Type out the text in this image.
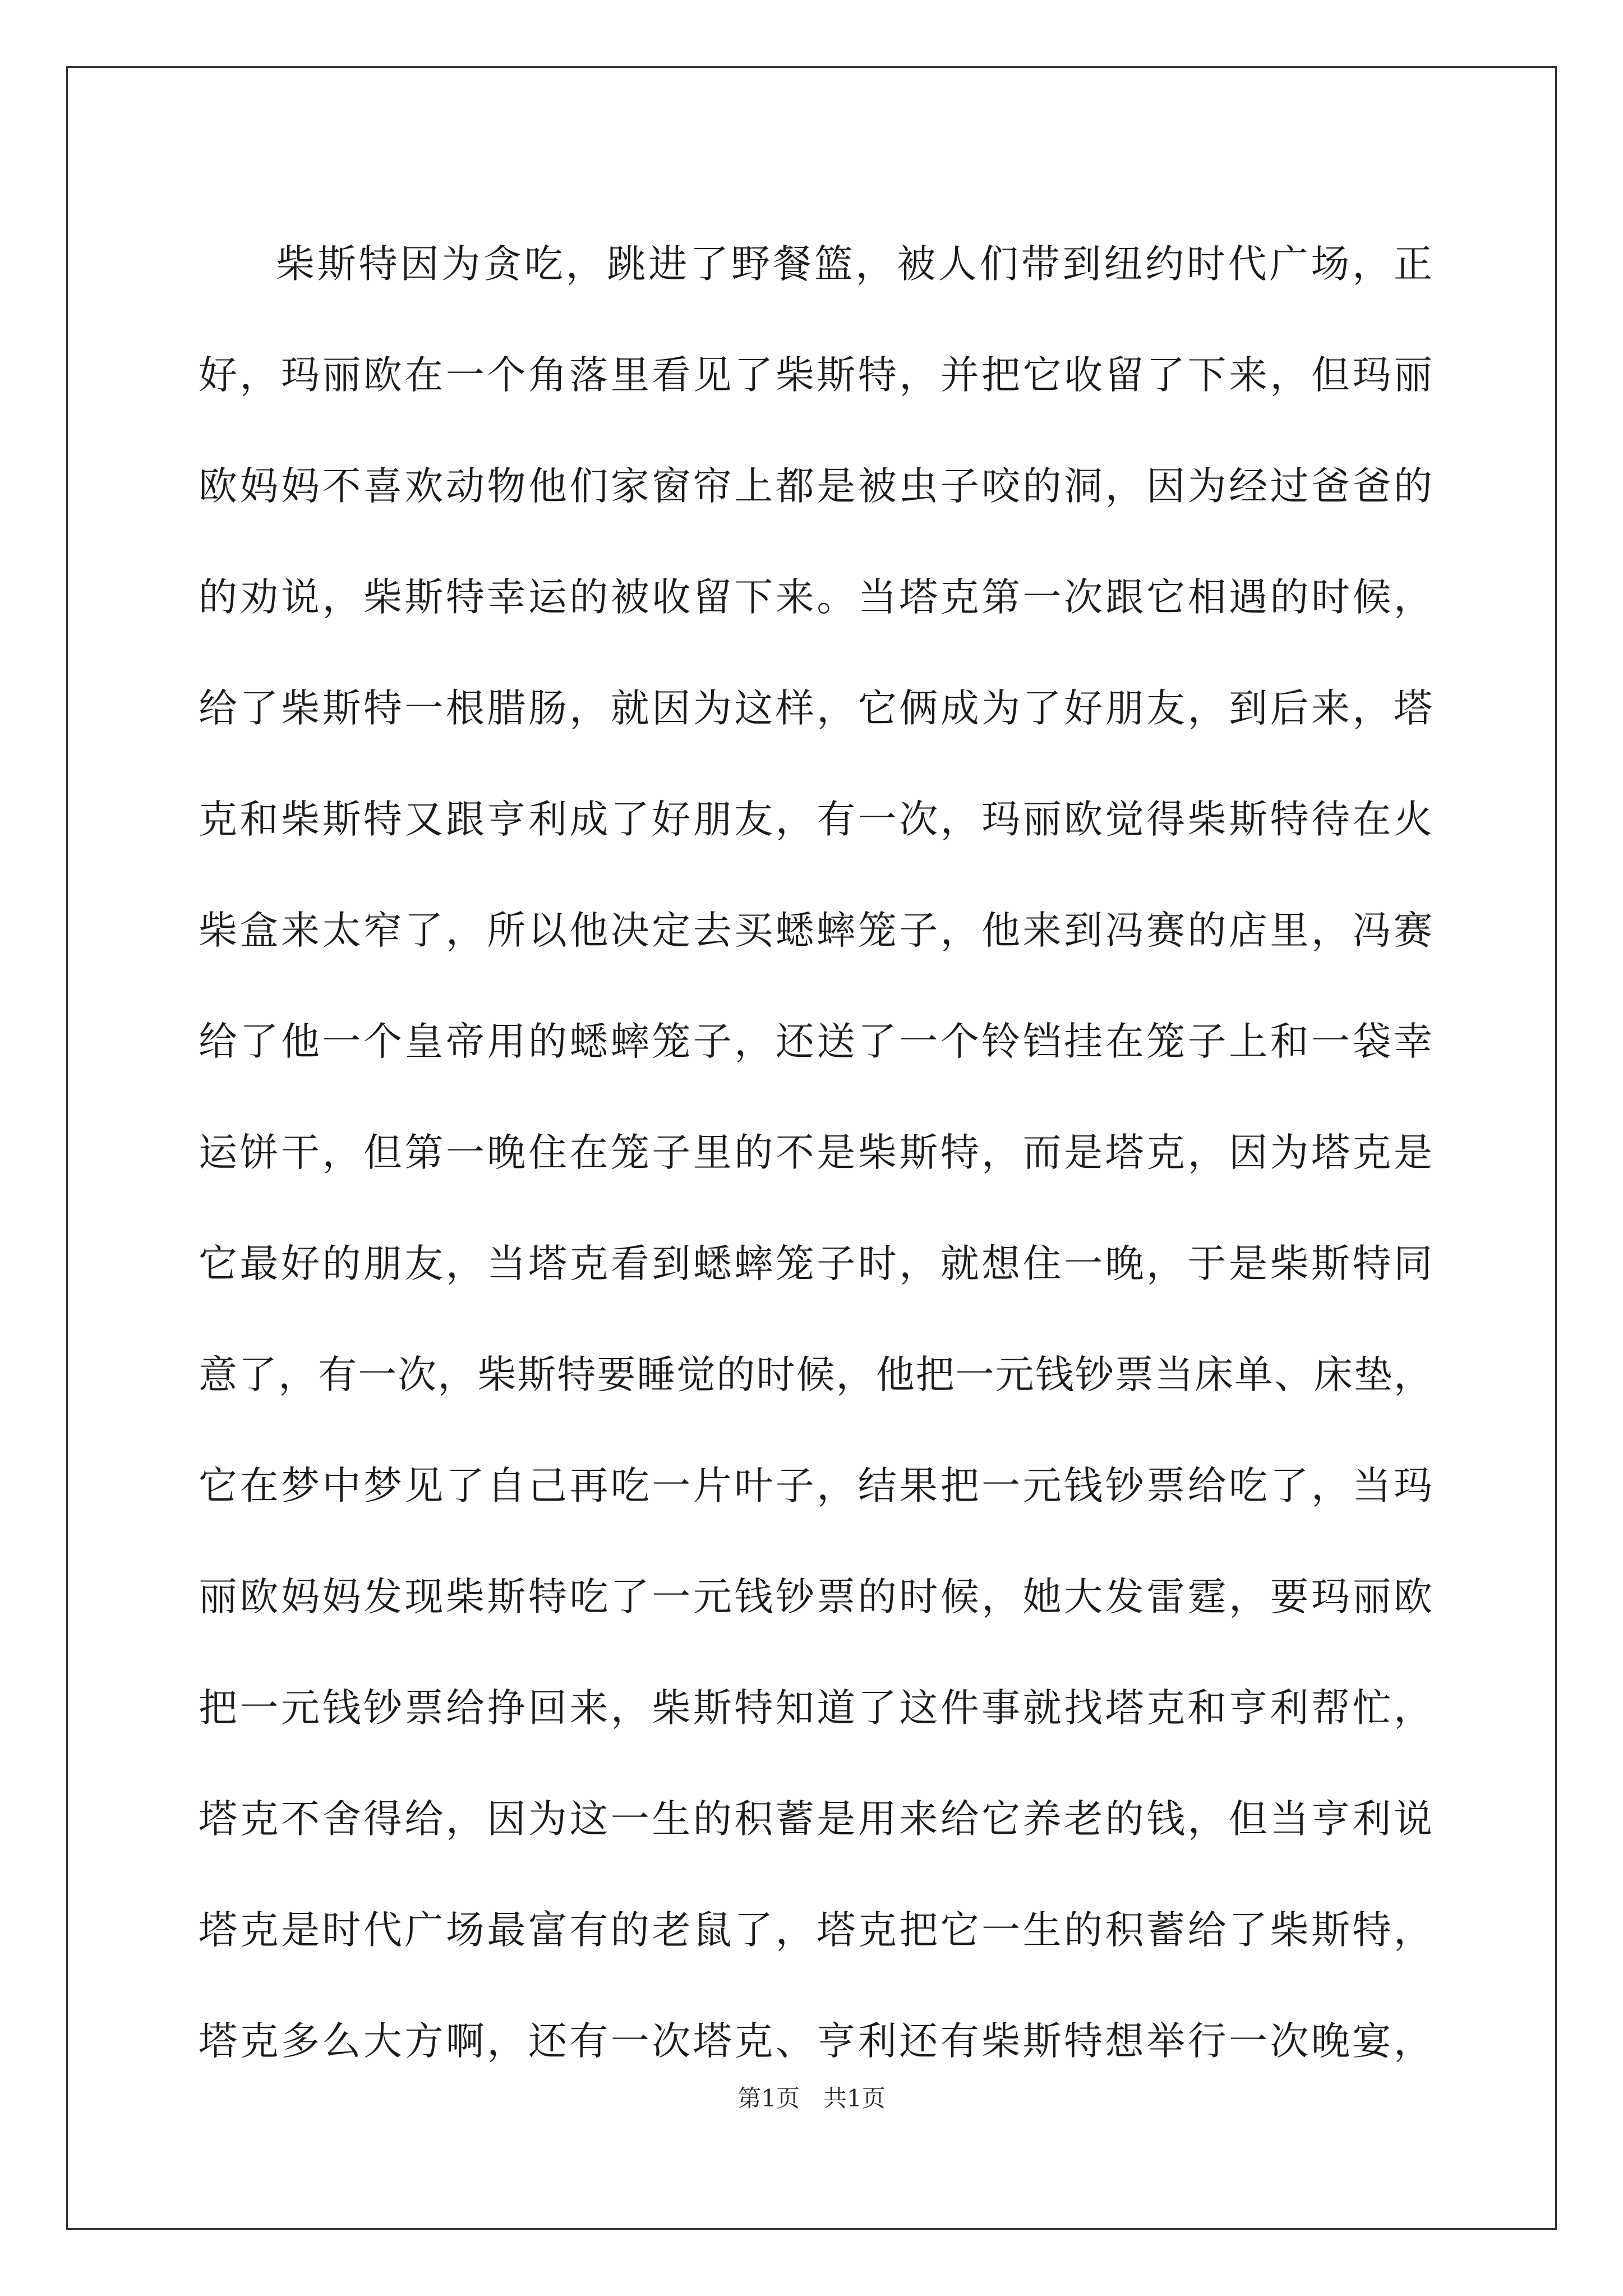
柴斯特因为贪吃，跳进了野餐篮，被人们带到纽约时代广场，正
好，玛丽欧在一个角落里看见了柴斯特，并把它收留了下来，但玛丽
欧妈妈不喜欢动物他们家窗帘上都是被虫子咬的洞，因为经过爸爸的
的劝说，柴斯特幸运的被收留下来。当塔克第一次跟它相遇的时候，
给了柴斯特一根腊肠，就因为这样，它俩成为了好朋友，到后来，塔
克和柴斯特又跟亨利成了好朋友，有一次，玛丽欧觉得柴斯特待在火
柴盒来太窄了，所以他决定去买蟋蟀笼子，他来到冯赛的店里，冯赛
给了他一个皇帝用的蟋蟀笼子，还送了一个铃铛挂在笼子上和一袋幸
运饼干，但第一晚住在笼子里的不是柴斯特，而是塔克，因为塔克是
它最好的朋友，当塔克看到蟋蟀笼子时，就想住一晚，于是柴斯特同
意了，有一次，柴斯特要睡觉的时候，他把一元钱钞票当床单、床垫，
它在梦中梦见了自己再吃一片叶子，结果把一元钱钞票给吃了，当玛
丽欧妈妈发现柴斯特吃了一元钱钞票的时候，她大发雷霆，要玛丽欧
把一元钱钞票给挣回来，柴斯特知道了这件事就找塔克和亨利帮忙，
塔克不舍得给，因为这一生的积蓄是用来给它养老的钱，但当亨利说
塔克是时代广场最富有的老鼠了，塔克把它一生的积蓄给了柴斯特，
塔克多么大方啊，还有一次塔克、亨利还有柴斯特想举行一次晚宴，
第1页　共1页
